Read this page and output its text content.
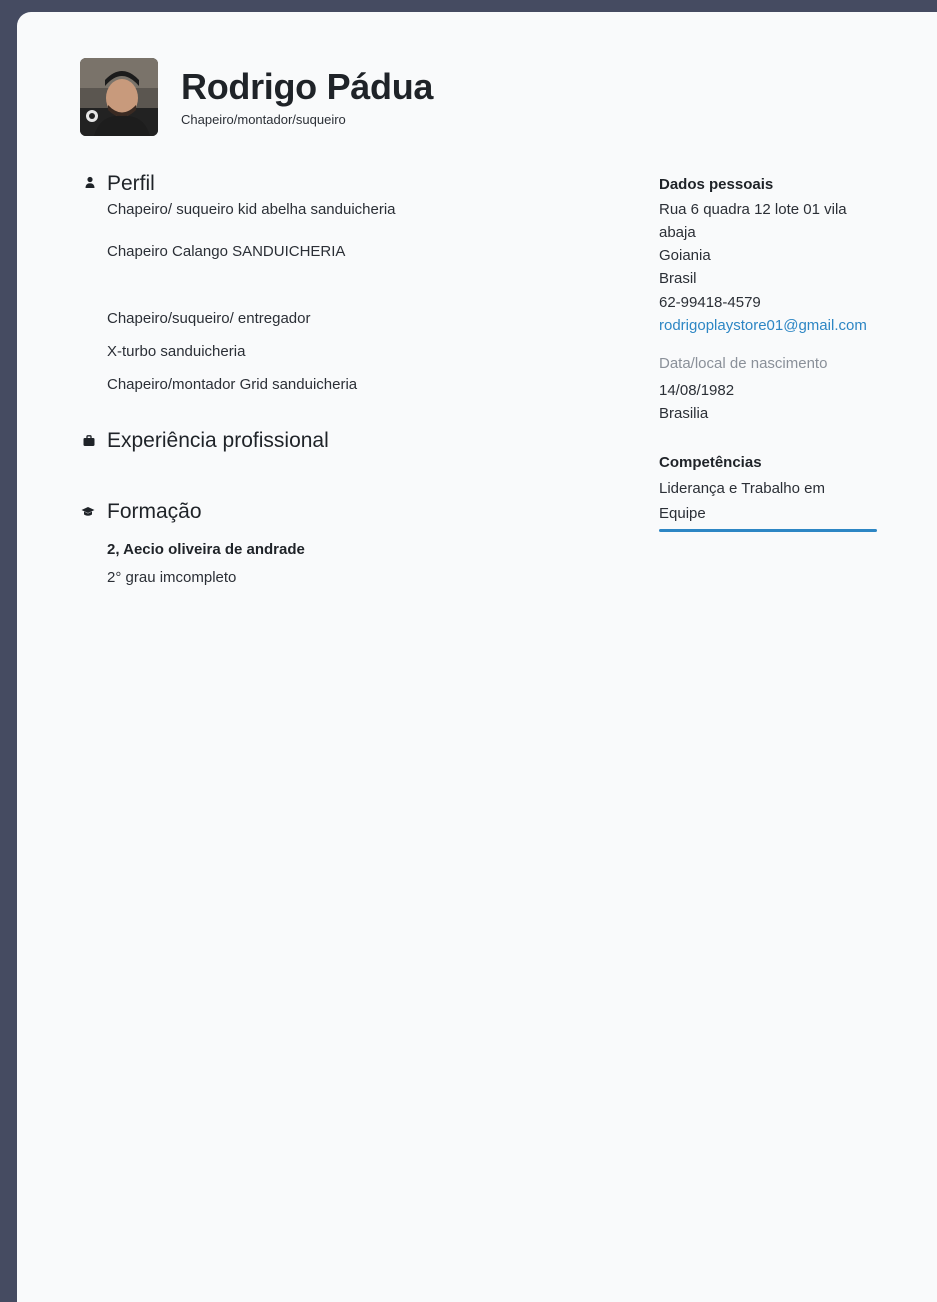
Rodrigo Pádua
Chapeiro/montador/suqueiro
Perfil
Chapeiro/ suqueiro kid abelha sanduicheria
Chapeiro Calango SANDUICHERIA
Chapeiro/suqueiro/ entregador
X-turbo sanduicheria
Chapeiro/montador Grid sanduicheria
Experiência profissional
Formação
2, Aecio oliveira de andrade
2° grau imcompleto
Dados pessoais
Rua 6 quadra 12 lote 01 vila
abaja
Goiania
Brasil
62-99418-4579
rodrigoplaystore01@gmail.com
Data/local de nascimento
14/08/1982
Brasilia
Competências
Liderança e Trabalho em
Equipe
